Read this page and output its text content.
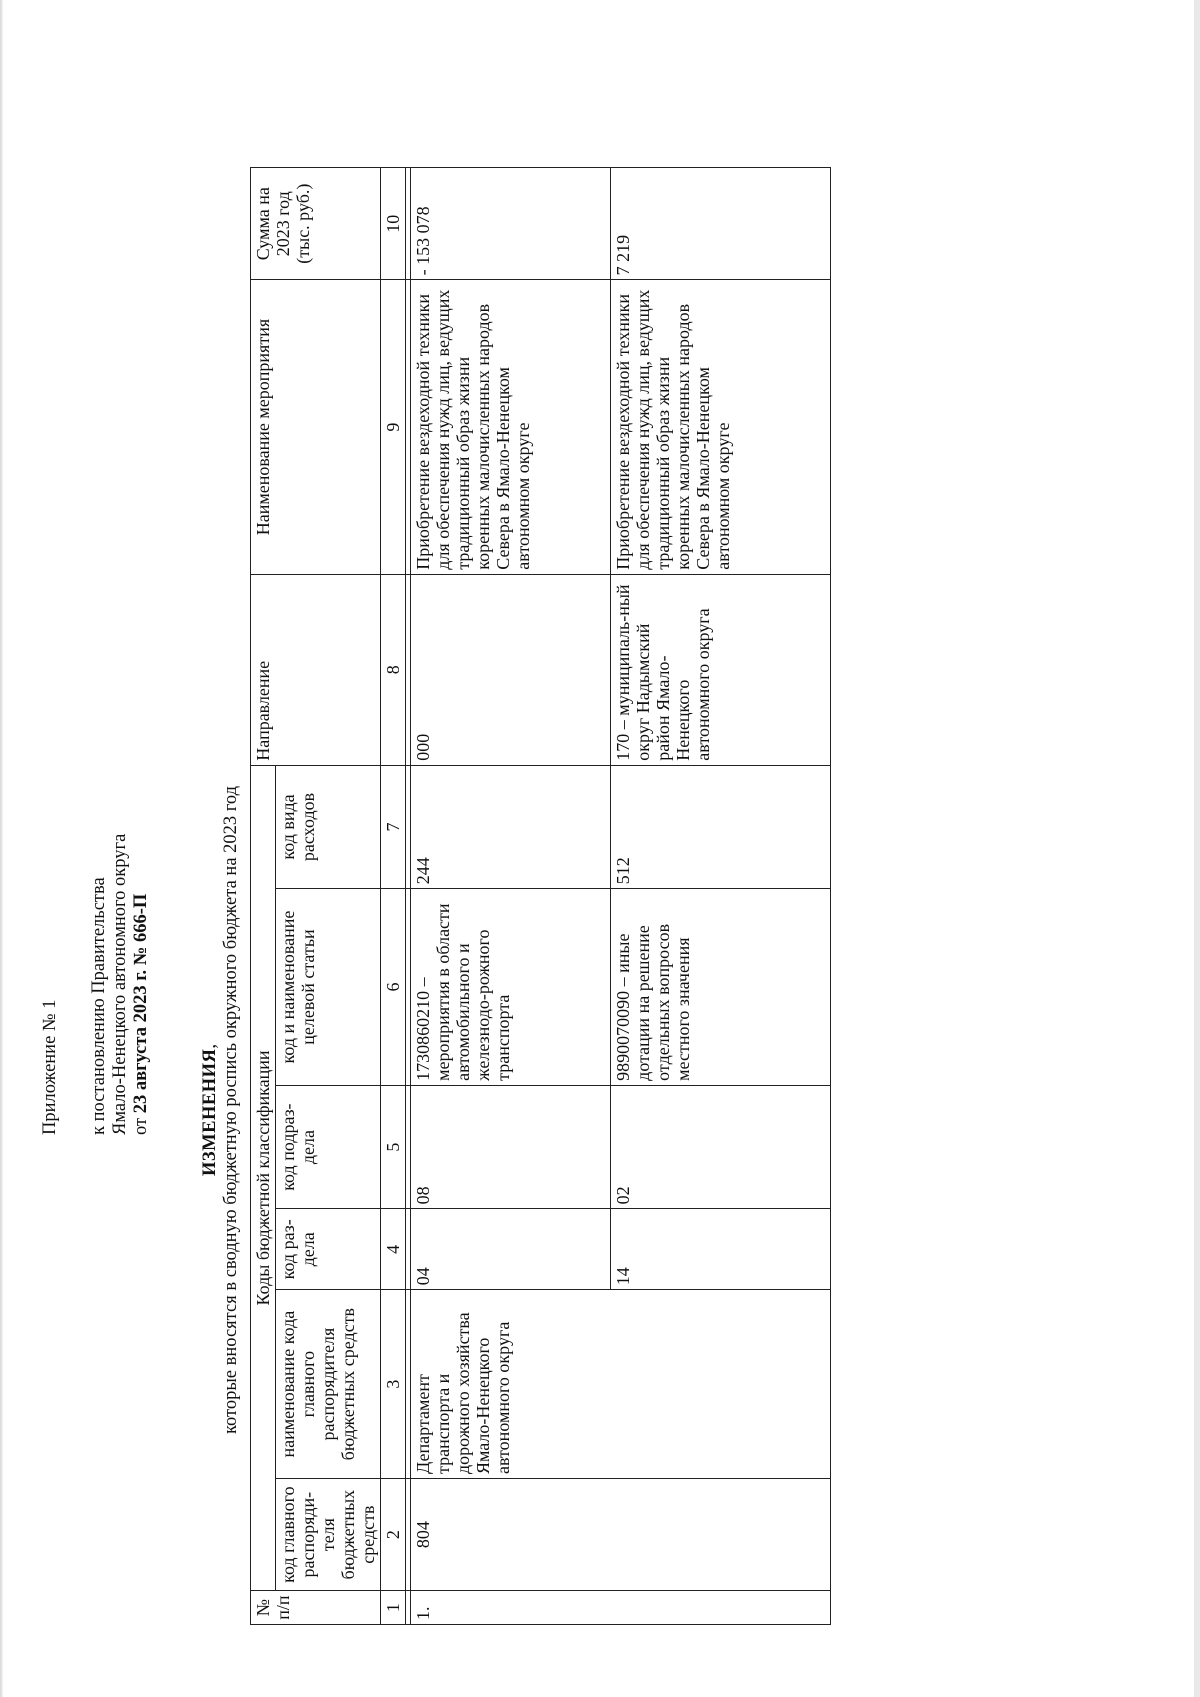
Приложение № 1 к постановлению Правительства Ямало-Ненецкого автономного округа от 23 августа 2023 г. № 666-П	ИЗМЕНЕНИЯ, которые вносятся в сводную бюджетную роспись окружного бюджета на 2023 год
№ п/п	Коды бюджетной классификации						Направление	Наименование мероприятия	Сумма на 2023 год (тыс. руб.)
	код главного распоряди-теля бюджетных средств	наименование кода главного распорядителя бюджетных средств	код раз-дела	код подраз-дела	код и наименование целевой статьи	код вида расходов			
1	2	3	4	5	6	7	8	9	10

1.	804	Департамент транспорта и дорожного хозяйства Ямало-Ненецкого автономного округа	04	08	1730860210 – мероприятия в области автомобильного и железнодо-рожного транспорта	244	000	Приобретение вездеходной техники для обеспечения нужд лиц, ведущих традиционный образ жизни коренных малочисленных народов Севера в Ямало-Ненецком автономном округе	- 153 078
			14	02	9890070090 – иные дотации на решение отдельных вопросов местного значения	512	170 – муниципаль-ный округ Надымский район Ямало-Ненецкого автономного округа	Приобретение вездеходной техники для обеспечения нужд лиц, ведущих традиционный образ жизни коренных малочисленных народов Севера в Ямало-Ненецком автономном округе	7 219
